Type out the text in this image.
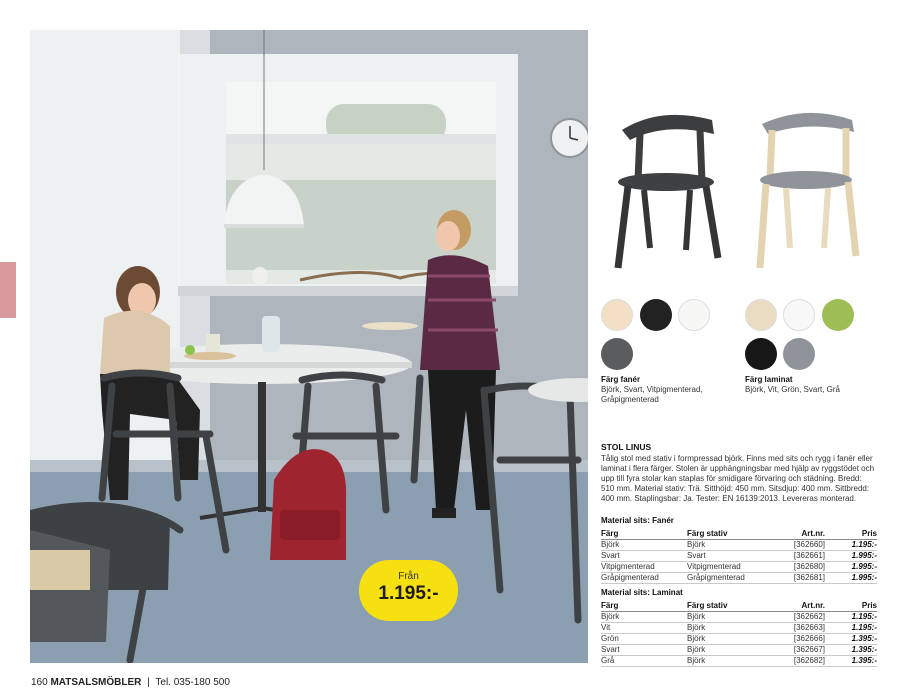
Från
1.195:-
Färg fanér
Björk, Svart, Vitpigmenterad, Gråpigmenterad
Färg laminat
Björk, Vit, Grön, Svart, Grå
STOL LINUS
Tålig stol med stativ i formpressad björk. Finns med sits och rygg i fanér eller laminat i flera färger. Stolen är upphängningsbar med hjälp av ryggstödet och upp till fyra stolar kan staplas för smidigare förvaring och städning. Bredd: 510 mm. Material stativ: Trä. Sitthöjd: 450 mm. Sitsdjup: 400 mm. Sittbredd: 400 mm. Staplingsbar: Ja. Tester: EN 16139:2013. Levereras monterad.
Material sits: Fanér
Färg	Färg stativ	Art.nr.	Pris
Björk	Björk	[362660]	1.195:-
Svart	Svart	[362661]	1.995:-
Vitpigmenterad	Vitpigmenterad	[362680]	1.995:-
Gråpigmenterad	Gråpigmenterad	[362681]	1.995:-
Material sits: Laminat
Färg	Färg stativ	Art.nr.	Pris
Björk	Björk	[362662]	1.195:-
Vit	Björk	[362663]	1.195:-
Grön	Björk	[362666]	1.395:-
Svart	Björk	[362667]	1.395:-
Grå	Björk	[362682]	1.395:-
160 MATSALSMÖBLER | Tel. 035-180 500
